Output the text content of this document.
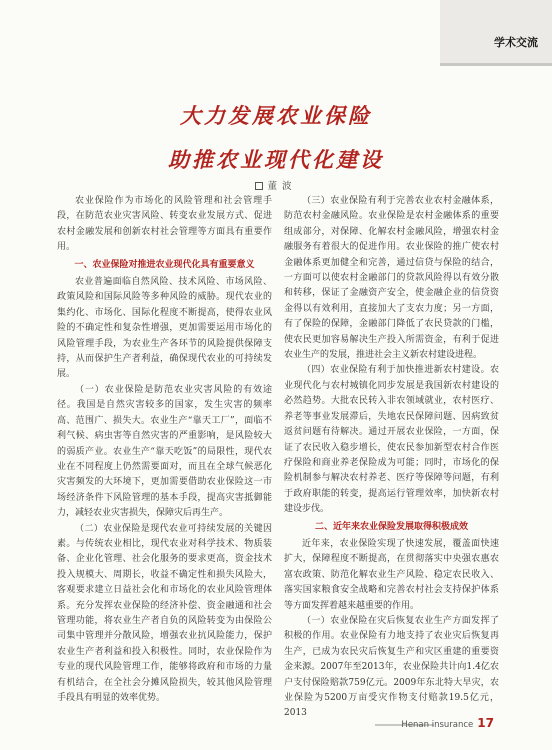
学术交流
大力发展农业保险
助推农业现代化建设
董波

农业保险作为市场化的风险管理和社会管理手段，在防范农业灾害风险、转变农业发展方式、促进农村金融发展和创新农村社会管理等方面具有重要作用。

一、农业保险对推进农业现代化具有重要意义

农业普遍面临自然风险、技术风险、市场风险、政策风险和国际风险等多种风险的威胁。现代农业的集约化、市场化、国际化程度不断提高，使得农业风险的不确定性和复杂性增强，更加需要运用市场化的风险管理手段，为农业生产各环节的风险提供保障支持，从而保护生产者利益，确保现代农业的可持续发展。

（一）农业保险是防范农业灾害风险的有效途径。我国是自然灾害较多的国家，发生灾害的频率高、范围广、损失大。农业生产“靠天工厂”，面临不利气候、病虫害等自然灾害的严重影响，是风险较大的弱质产业。农业生产“靠天吃饭”的局限性，现代农业在不同程度上仍然需要面对，而且在全球气候恶化灾害频发的大环境下，更加需要借助农业保险这一市场经济条件下风险管理的基本手段，提高灾害抵御能力，减轻农业灾害损失，保障灾后再生产。

（二）农业保险是现代农业可持续发展的关键因素。与传统农业相比，现代农业对科学技术、物质装备、企业化管理、社会化服务的要求更高，资金技术投入规模大、周期长，收益不确定性和损失风险大，客观要求建立日益社会化和市场化的农业风险管理体系。充分发挥农业保险的经济补偿、资金融通和社会管理功能，将农业生产者自负的风险转变为由保险公司集中管理并分散风险，增强农业抗风险能力，保护农业生产者利益和投入积极性。同时，农业保险作为专业的现代风险管理工作，能够将政府和市场的力量有机结合，在全社会分摊风险损失，较其他风险管理手段具有明显的效率优势。

（三）农业保险有利于完善农业农村金融体系，防范农村金融风险。农业保险是农村金融体系的重要组成部分，对保障、化解农村金融风险，增强农村金融服务有着很大的促进作用。农业保险的推广使农村金融体系更加健全和完善，通过信贷与保险的结合，一方面可以使农村金融部门的贷款风险得以有效分散和转移，保证了金融资产安全，使金融企业的信贷资金得以有效利用，直接加大了支农力度；另一方面，有了保险的保障，金融部门降低了农民贷款的门槛，使农民更加容易解决生产投入所需资金，有利于促进农业生产的发展，推进社会主义新农村建设进程。

（四）农业保险有利于加快推进新农村建设。农业现代化与农村城镇化同步发展是我国新农村建设的必然趋势。大批农民转入非农领域就业，农村医疗、养老等事业发展滞后，失地农民保障问题、因病致贫返贫问题有待解决。通过开展农业保险，一方面，保证了农民收入稳步增长，使农民参加新型农村合作医疗保险和商业养老保险成为可能；同时，市场化的保险机制参与解决农村养老、医疗等保障等问题，有利于政府职能的转变，提高运行管理效率，加快新农村建设步伐。

二、近年来农业保险发展取得积极成效

近年来，农业保险实现了快速发展，覆盖面快速扩大，保障程度不断提高，在贯彻落实中央强农惠农富农政策、防范化解农业生产风险、稳定农民收入、落实国家粮食安全战略和完善农村社会支持保护体系等方面发挥着越来越重要的作用。

（一）农业保险在灾后恢复农业生产方面发挥了积极的作用。农业保险有力地支持了农业灾后恢复再生产，已成为农民灾后恢复生产和灾区重建的重要资金来源。2007年至2013年，农业保险共计向1.4亿农户支付保险赔款759亿元。2009年东北特大旱灾，农业保险为5200万亩受灾作物支付赔款19.5亿元，2013

Henan insurance 17
